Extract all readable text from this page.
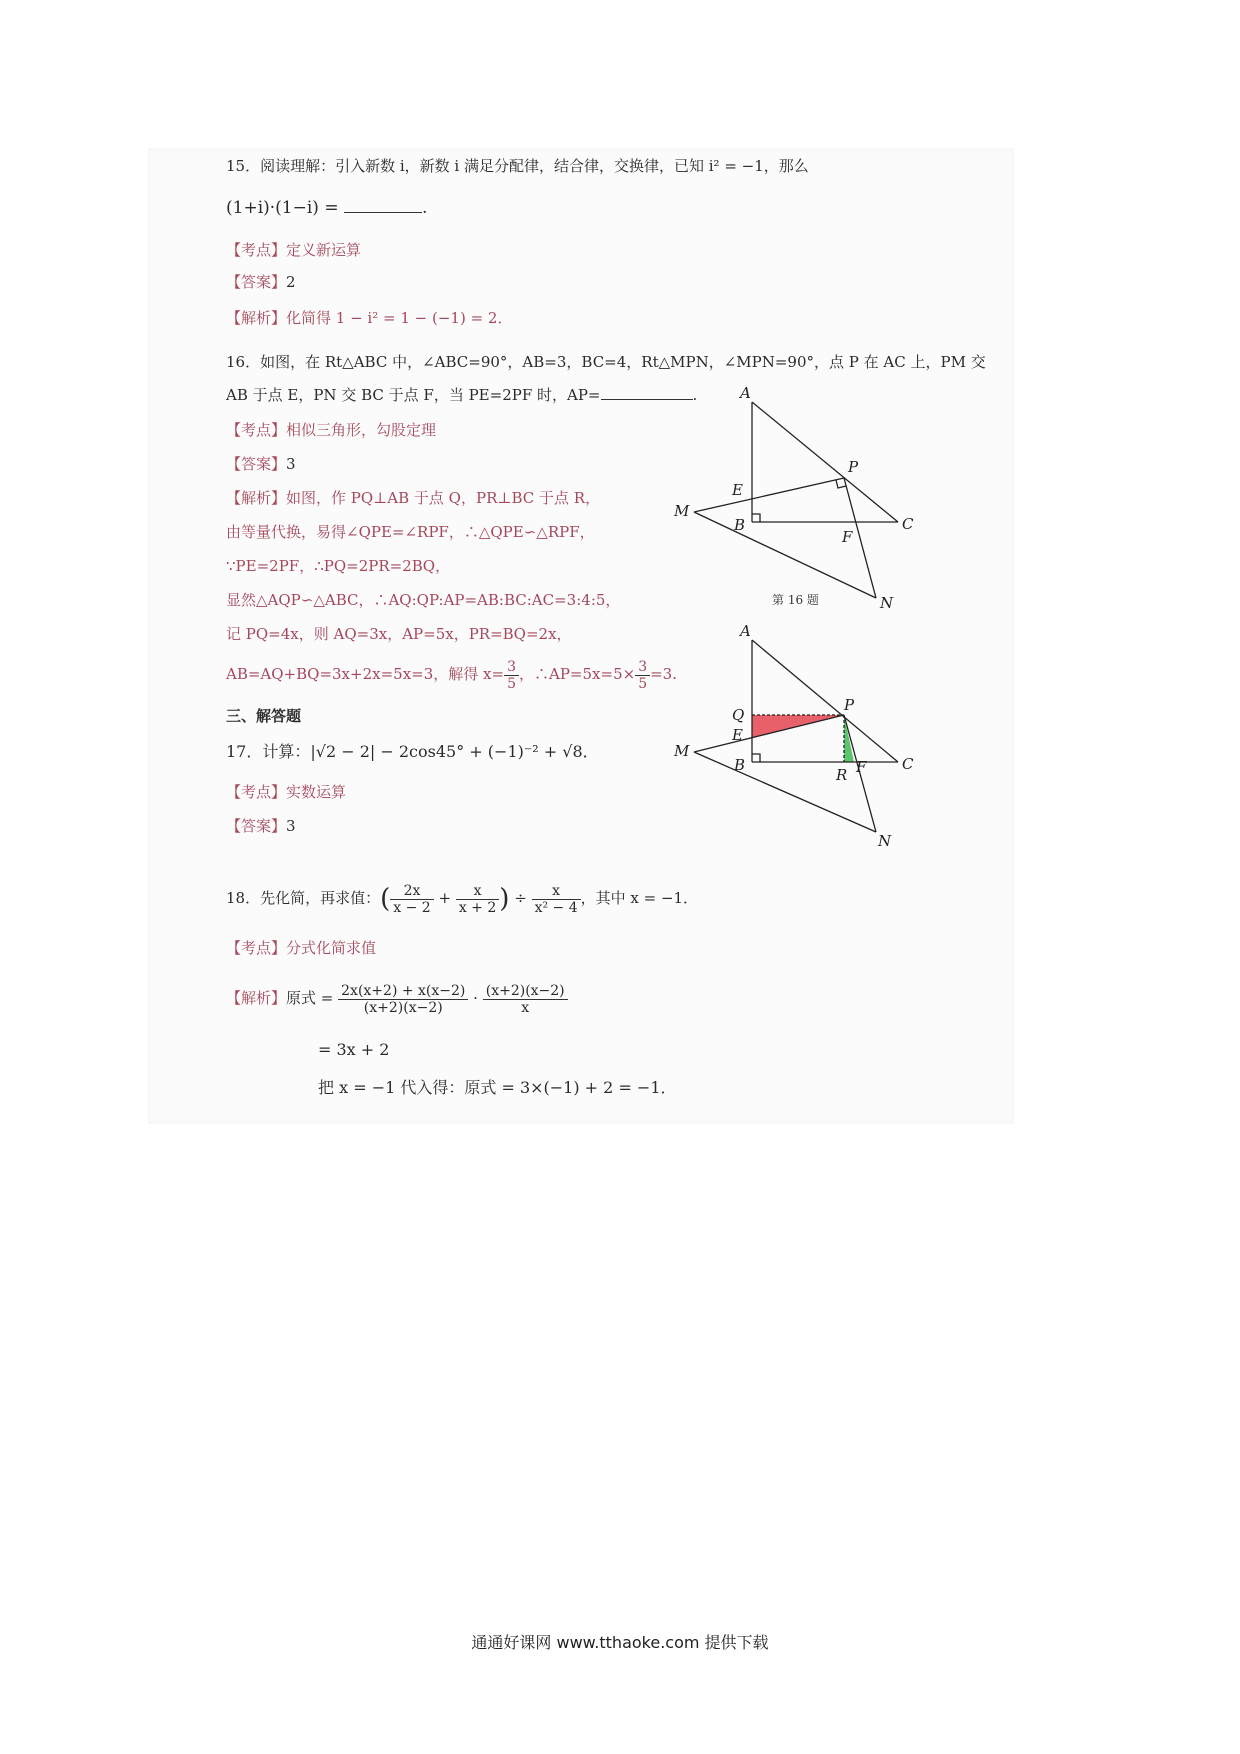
15．阅读理解：引入新数 i，新数 i 满足分配律，结合律，交换律，已知 i² = −1，那么
(1+i)·(1−i) =	.
【考点】定义新运算
【答案】2
【解析】化简得 1 − i² = 1 − (−1) = 2．
16．如图，在 Rt△ABC 中，∠ABC=90°，AB=3，BC=4，Rt△MPN，∠MPN=90°，点 P 在 AC 上，PM 交
AB 于点 E，PN 交 BC 于点 F，当 PE=2PF 时，AP=	.
【考点】相似三角形，勾股定理
【答案】3
【解析】如图，作 PQ⊥AB 于点 Q，PR⊥BC 于点 R，
由等量代换，易得∠QPE=∠RPF，∴△QPE∽△RPF，
∵PE=2PF，∴PQ=2PR=2BQ，
显然△AQP∽△ABC，∴AQ:QP:AP=AB:BC:AC=3:4:5，
记 PQ=4x，则 AQ=3x，AP=5x，PR=BQ=2x，
AB=AQ+BQ=3x+2x=5x=3，解得 $x= \frac{3}{5}$ ，∴AP=5x=5× $\frac{3}{5} =3$.
三、解答题
17．计算：|√2 − 2| − 2cos45° + (−1)⁻² + √8．
【考点】实数运算
【答案】3
18．先化简，再求值：( $\frac{2x}{x - 2} + \frac{x}{x + 2}$ ) ÷ $\frac{x}{\text{x² − 4}}$ ，其中 x = −1．
【考点】分式化简求值
【解析】原式 = $\frac{2x(x+2) + x(x-2)}{(x+2)(x-2)} \cdot \frac{(x+2)(x-2)}{x}$
= 3x + 2
把 x = −1 代入得：原式 = 3×(−1) + 2 = −1．
A
P
E
M
B	C
F
N
第 16 题
A
Q
P
E
M
B
R F C
N
通通好课网 www.tthaoke.com 提供下载
